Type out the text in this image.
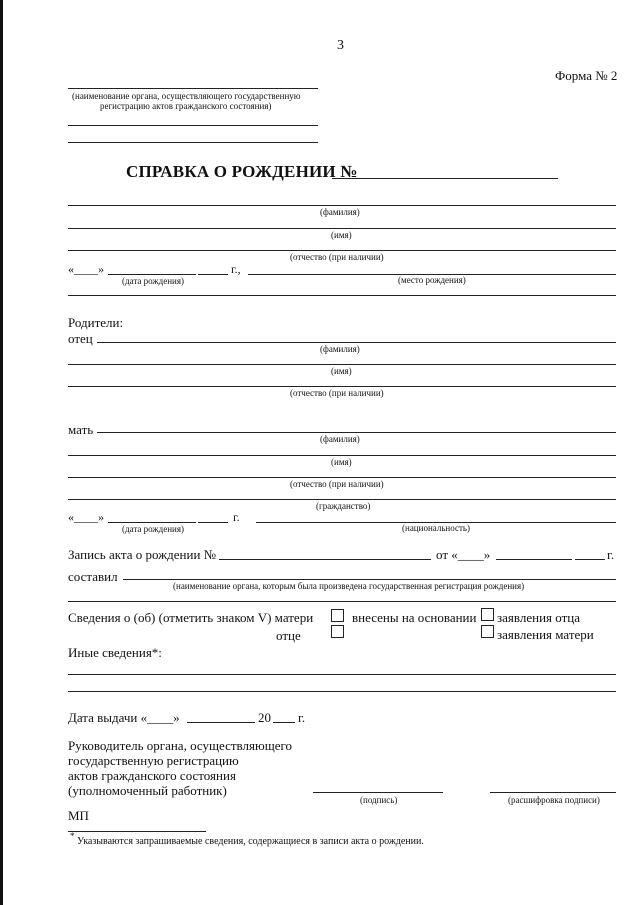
3
Форма № 2
(наименование органа, осуществляющего государственную
регистрацию актов гражданского состояния)
СПРАВКА О РОЖДЕНИИ №
(фамилия)
(имя)
(отчество (при наличии)
«____»	г.,
(дата рождения)	(место рождения)
Родители:
отец
(фамилия)
(имя)
(отчество (при наличии)
мать
(фамилия)
(имя)
(отчество (при наличии)
(гражданство)
«____»	г.
(дата рождения)	(национальность)
Запись акта о рождении №	от «____»	г.
составил
(наименование органа, которым была произведена государственная регистрация рождения)
Сведения о (об) (отметить знаком V) матери	внесены на основании заявления отца
отце	заявления матери
Иные сведения*:
Дата выдачи «____»	20 г.
Руководитель органа, осуществляющего
государственную регистрацию
актов гражданского состояния
(уполномоченный работник)
(подпись)	(расшифровка подписи)
МП
* Указываются запрашиваемые сведения, содержащиеся в записи акта о рождении.
